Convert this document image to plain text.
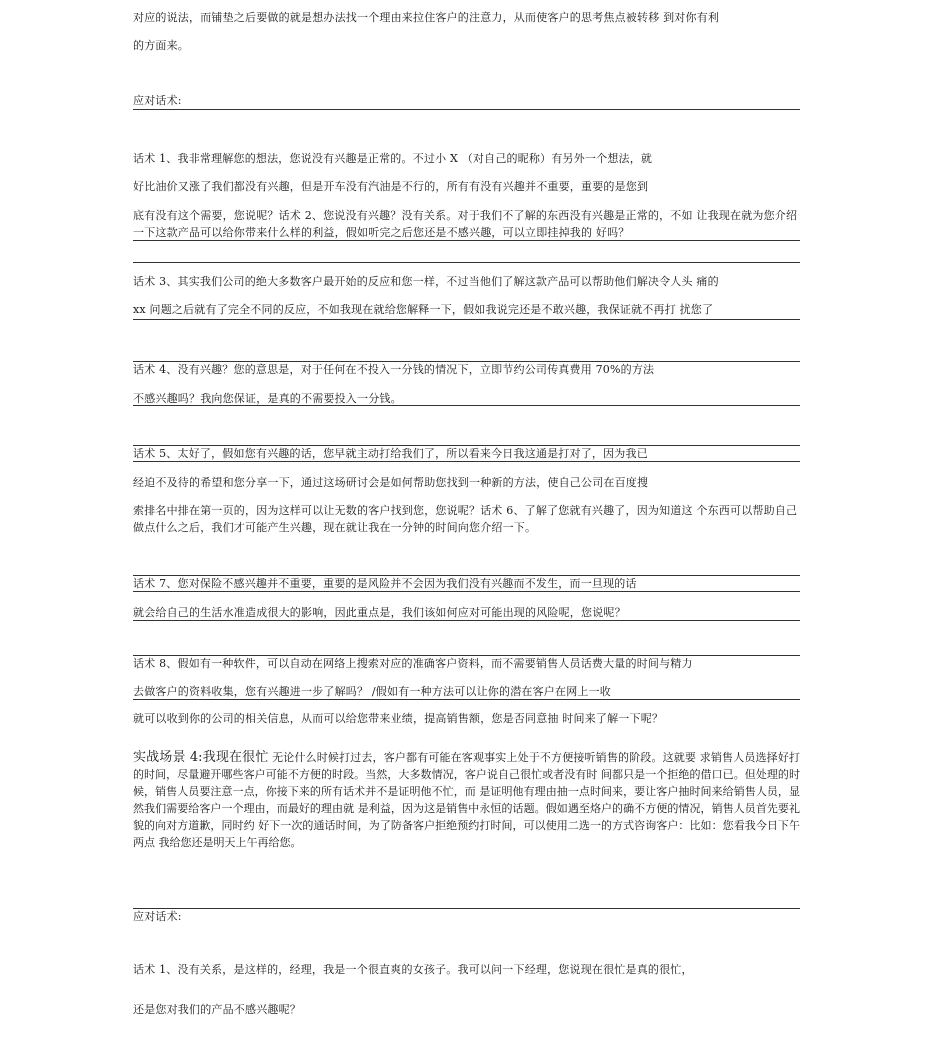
对应的说法，而铺垫之后要做的就是想办法找一个理由来拉住客户的注意力，从而使客户的思考焦点被转移 到对你有利
的方面来。
应对话术:
话术 1、我非常理解您的想法，您说没有兴趣是正常的。不过小 X （对自己的昵称）有另外一个想法，就
好比油价又涨了我们都没有兴趣，但是开车没有汽油是不行的，所有有没有兴趣并不重要，重要的是您到
底有没有这个需要，您说呢？话术 2、您说没有兴趣？没有关系。对于我们不了解的东西没有兴趣是正常的，不如 让我现在就为您介绍一下这款产品可以给你带来什么样的利益，假如听完之后您还是不感兴趣，可以立即挂掉我的 好吗？
话术 3、其实我们公司的绝大多数客户最开始的反应和您一样，不过当他们了解这款产品可以帮助他们解决令人头 痛的
xx 问题之后就有了完全不同的反应，不如我现在就给您解释一下，假如我说完还是不敢兴趣，我保证就不再打 扰您了
话术 4、没有兴趣？您的意思是，对于任何在不投入一分钱的情况下，立即节约公司传真费用 70%的方法
不感兴趣吗？我向您保证，是真的不需要投入一分钱。
话术 5、太好了，假如您有兴趣的话，您早就主动打给我们了，所以看来今日我这通是打对了，因为我已
经迫不及待的希望和您分享一下，通过这场研讨会是如何帮助您找到一种新的方法，使自己公司在百度搜
索排名中排在第一页的，因为这样可以让无数的客户找到您，您说呢？话术 6、了解了您就有兴趣了，因为知道这 个东西可以帮助自己做点什么之后，我们才可能产生兴趣，现在就让我在一分钟的时间向您介绍一下。
话术 7、您对保险不感兴趣并不重要，重要的是风险并不会因为我们没有兴趣而不发生，而一旦现的话
就会给自己的生活水准造成很大的影响，因此重点是，我们该如何应对可能出现的风险呢，您说呢？
话术 8、假如有一种软件，可以自动在网络上搜索对应的准确客户资料，而不需要销售人员话费大量的时间与精力
去做客户的资料收集，您有兴趣进一步了解吗？ /假如有一种方法可以让你的潜在客户在网上一收
就可以收到你的公司的相关信息，从而可以给您带来业绩，提高销售额，您是否同意抽 时间来了解一下呢？
实战场景 4:我现在很忙 无论什么时候打过去，客户都有可能在客观事实上处于不方便接听销售的阶段。这就要 求销售人员选择好打的时间，尽量避开哪些客户可能不方便的时段。当然，大多数情况，客户说自己很忙或者没有时 间都只是一个拒绝的借口已。但处理的时候，销售人员要注意一点，你接下来的所有话术并不是证明他不忙，而 是证明他有理由抽一点时间来，要让客户抽时间来给销售人员，显然我们需要给客户一个理由，而最好的理由就 是利益，因为这是销售中永恒的话题。假如遇至烙户的确不方便的情况，销售人员首先要礼貌的向对方道歉，同时约 好下一次的通话时间，为了防备客户拒绝预约打时间，可以使用二选一的方式咨询客户：比如：您看我今日下午两点 我给您还是明天上午再给您。
应对话术:
话术 1、没有关系，是这样的，经理，我是一个很直爽的女孩子。我可以问一下经理，您说现在很忙是真的很忙，
还是您对我们的产品不感兴趣呢？
